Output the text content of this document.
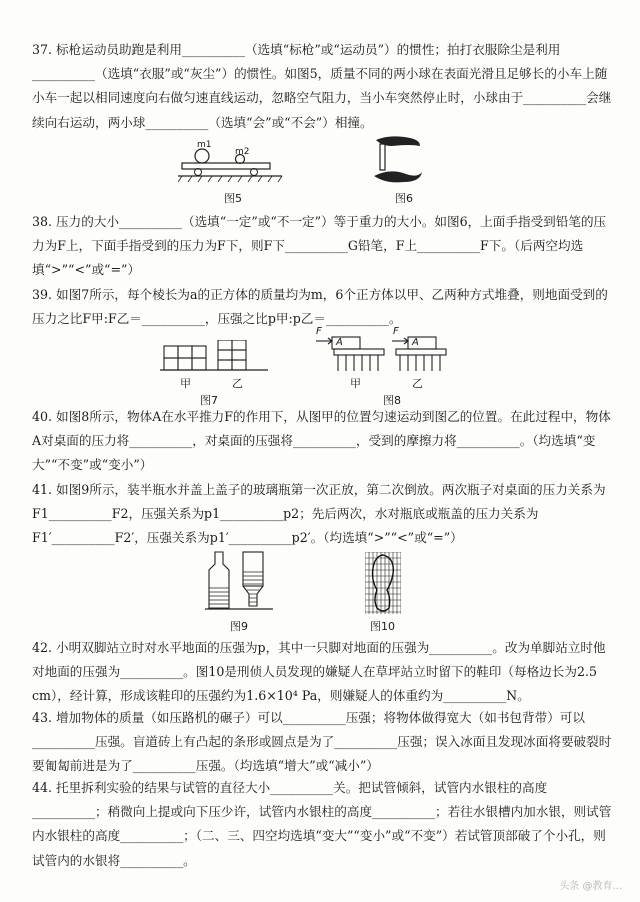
37. 标枪运动员助跑是利用__________（选填“标枪”或“运动员”）的惯性；拍打衣服除尘是利用__________（选填“衣服”或“灰尘”）的惯性。如图5，质量不同的两小球在表面光滑且足够长的小车上随小车一起以相同速度向右做匀速直线运动，忽略空气阻力，当小车突然停止时，小球由于__________会继续向右运动，两小球__________（选填“会”或“不会”）相撞。
m1
m2
图5	图6
38. 压力的大小__________（选填“一定”或“不一定”）等于重力的大小。如图6，上面手指受到铅笔的压力为F上，下面手指受到的压力为F下，则F下__________G铅笔，F上__________F下。（后两空均选填“>”“<”或“=”）
39. 如图7所示，每个棱长为a的正方体的质量均为m，6个正方体以甲、乙两种方式堆叠，则地面受到的压力之比F甲:F乙＝__________，压强之比p甲:p乙＝__________。
甲	乙
图7
F
A
F
A
甲	乙
图8
40. 如图8所示，物体A在水平推力F的作用下，从图甲的位置匀速运动到图乙的位置。在此过程中，物体A对桌面的压力将__________，对桌面的压强将__________，受到的摩擦力将__________。（均选填“变大”“不变”或“变小”）
41. 如图9所示，装半瓶水并盖上盖子的玻璃瓶第一次正放，第二次倒放。两次瓶子对桌面的压力关系为F1__________F2，压强关系为p1__________p2；先后两次，水对瓶底或瓶盖的压力关系为F1′__________F2′，压强关系为p1′__________p2′。（均选填“>”“<”或“=”）
图9	图10
42. 小明双脚站立时对水平地面的压强为p，其中一只脚对地面的压强为__________。改为单脚站立时他对地面的压强为__________。图10是刑侦人员发现的嫌疑人在草坪站立时留下的鞋印（每格边长为2.5 cm），经计算，形成该鞋印的压强约为1.6×10⁴ Pa，则嫌疑人的体重约为__________N。
43. 增加物体的质量（如压路机的碾子）可以__________压强；将物体做得宽大（如书包背带）可以__________压强。盲道砖上有凸起的条形或圆点是为了__________压强；误入冰面且发现冰面将要破裂时要匍匐前进是为了__________压强。（均选填“增大”或“减小”）
44. 托里拆利实验的结果与试管的直径大小__________关。把试管倾斜，试管内水银柱的高度__________；稍微向上提或向下压少许，试管内水银柱的高度__________；若往水银槽内加水银，则试管内水银柱的高度__________；（二、三、四空均选填“变大”“变小”或“不变”）若试管顶部破了个小孔，则试管内的水银将__________。
头条 @教育...
